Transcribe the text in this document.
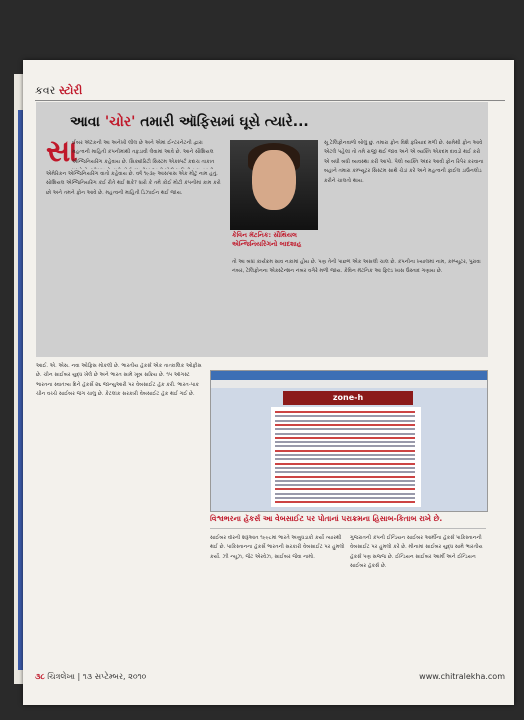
કવર સ્ટોરી
આવા 'ચોર' તમારી ઑફિસમાં ઘૂસે ત્યારે...
સા
ઈબર ઍટૅકની આ અનેખી લીલ છે અને એમાં ઈન્ટરનેટની દ્વારા મહત્વની માહિતી કંપનીમાંથી તફડાવી લેવામાં આવે છે. આને સૌશિયલ એન્જિનિયરિંગ કહેવાય છે. સિક્યૉરિટી સિસ્ટમ એક્સ્પર્ટ કદાચ તાકાત
એમેરિકન એન્જિનિયરિંગ વાતો કહેવાય છે. વર્ષ ૧૯૩૯ આસપાસ એક મોટું નામ હતું. સોશિયલ એન્જિનિયરિંગ કંઈ રીતે થઈ શકે? ધારો કે તમે કોઈ મોટી કંપનીમાં કામ કરો છો અને તમને ફોન આવે છે. મહત્વની માહિતી ડિઝાઈન થઈ જાય.
સૂ ટેલિફોનવાળો બોલું છું. તમારા ફોન વિશે ફરિયાદ મળી છે. સામેથી ફોન આવે એટલે પહેલાં તો તમે રાજી થઈ જાવ અને એ વ્યક્તિ એકદમ દાવડો થઈ કરો એ બધી બધી વ્યવસ્થા કરી આપો. પેલો વ્યક્તિ અંદર આવી ફોન રિપેર કરવાના બહાને તમારા કમ્પ્યૂટર સિસ્ટમ સાથે ચેડાં કરે અને મહત્વની ફાઈલ ડાઉનલોડ કરીને ચાલતો થાય.
તો આ બધાં કાર્યક્રમ સાવ નકામાં હોય છે. પણ તેની પાછળ એક અસલી ચાલ છે. કંપનીના ખ્યાલમાં નામ, કમ્પ્યૂટર, પુરાવા નંબર, ટેલિફોનના એક્સ્ટેન્શન નંબર વગેરે મળી જાય. કેવિન મૅટનિક આ ફિલ્ડ ખાસ ઉસ્તાદ ગણાય છે.
કેવિન મૅટનિક: સૌથિયલ એન્જિનિયરિંગનો બાદશાહ
આઈ. એ. એસ. નવા ઓફિસ મોકલી છે. ભારતીય હૅકર્સ એક તાત્કાલિક ઓફીસ છે. ચીન સાઈબર યુદ્ધ ખેલે છે અને ભારત સામે ખૂબ સક્રિય છે. ૧૫ ઑગસ્ટ ભારતના સ્વાતંત્ર્ય દિને હૅકર્સે ૨૬ જાન્યુઆરી પર વેબસાઈટ હૅક કરી. ભારત-પાક ચીન વચ્ચે સાઈબર જંગ ચાલુ છે. કેટલાંક સરકારી વેબસાઈટ હૅક થઈ ગઈ છે.	zone-h
વિશ્વભરના હૅકર્સ આ વેબસાઈટ પર પોતાનાં પરાક્રમના હિસાબ-કિતાબ રાખે છે.
સાઈબર વૉરની શરૂઆત ૧૯૯૮માં ભારતે અણુધડાકો કર્યો ત્યારથી થઈ છે. પાકિસ્તાનના હૅકર્સે ભારતની સરકારી વેબસાઈટ પર હુમલો કર્યો. ઝી ન્યૂઝ, જેટ એરવેઝ, સાઈબર જેવા નામો.
ગુજરાતની કંપની ઈન્ડિયન સાઈબર આર્મીના હૅકર્સ પાકિસ્તાનની વેબસાઈટ પર હુમલો કરે છે. મીનામાં સાઈબર યુદ્ધ સામે ભારતીય હૅકર્સ પણ સજ્જ છે. ઈન્ડિયન સાઈબર આર્મી અને ઈન્ડિયન સાઈબર હૅકર્સ છે.
૩૮ ચિત્રલેખા | ૧૩ સપ્ટેમ્બર, ૨૦૧૦	www.chitralekha.com
